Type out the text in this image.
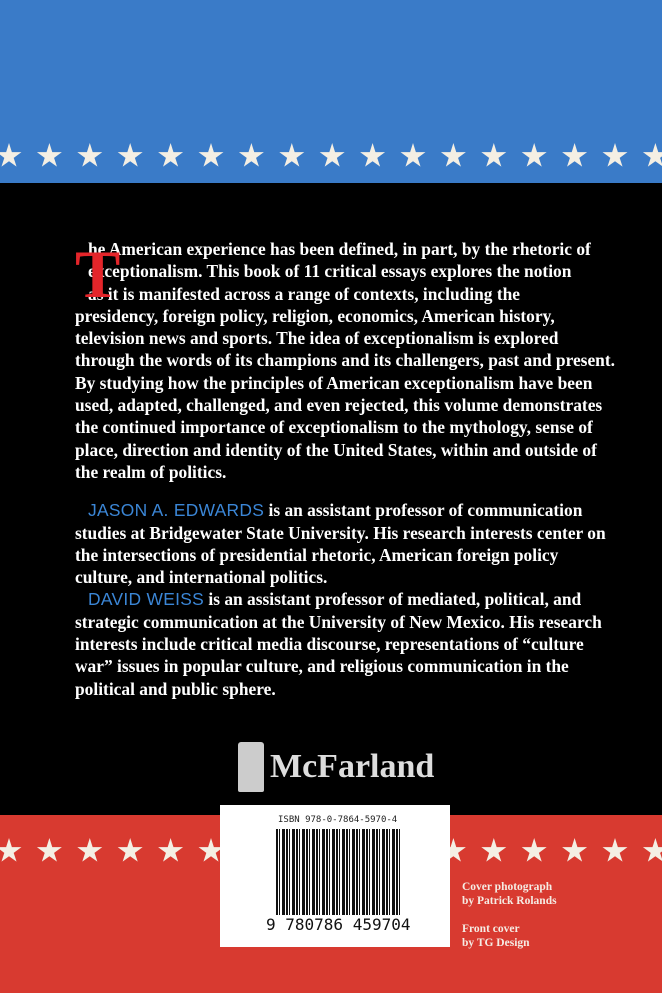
T
he American experience has been defined, in part, by the rhetoric of
exceptionalism. This book of 11 critical essays explores the notion
as it is manifested across a range of contexts, including the
presidency, foreign policy, religion, economics, American history,
television news and sports. The idea of exceptionalism is explored
through the words of its champions and its challengers, past and present.
By studying how the principles of American exceptionalism have been
used, adapted, challenged, and even rejected, this volume demonstrates
the continued importance of exceptionalism to the mythology, sense of
place, direction and identity of the United States, within and outside of
the realm of politics.
JASON A. EDWARDS is an assistant professor of communication
studies at Bridgewater State University. His research interests center on
the intersections of presidential rhetoric, American foreign policy
culture, and international politics.
DAVID WEISS is an assistant professor of mediated, political, and
strategic communication at the University of New Mexico. His research
interests include critical media discourse, representations of “culture
war” issues in popular culture, and religious communication in the
political and public sphere.
McFarland
ISBN 978-0-7864-5970-4
9 780786 459704
Cover photograph
by Patrick Rolands
Front cover
by TG Design
